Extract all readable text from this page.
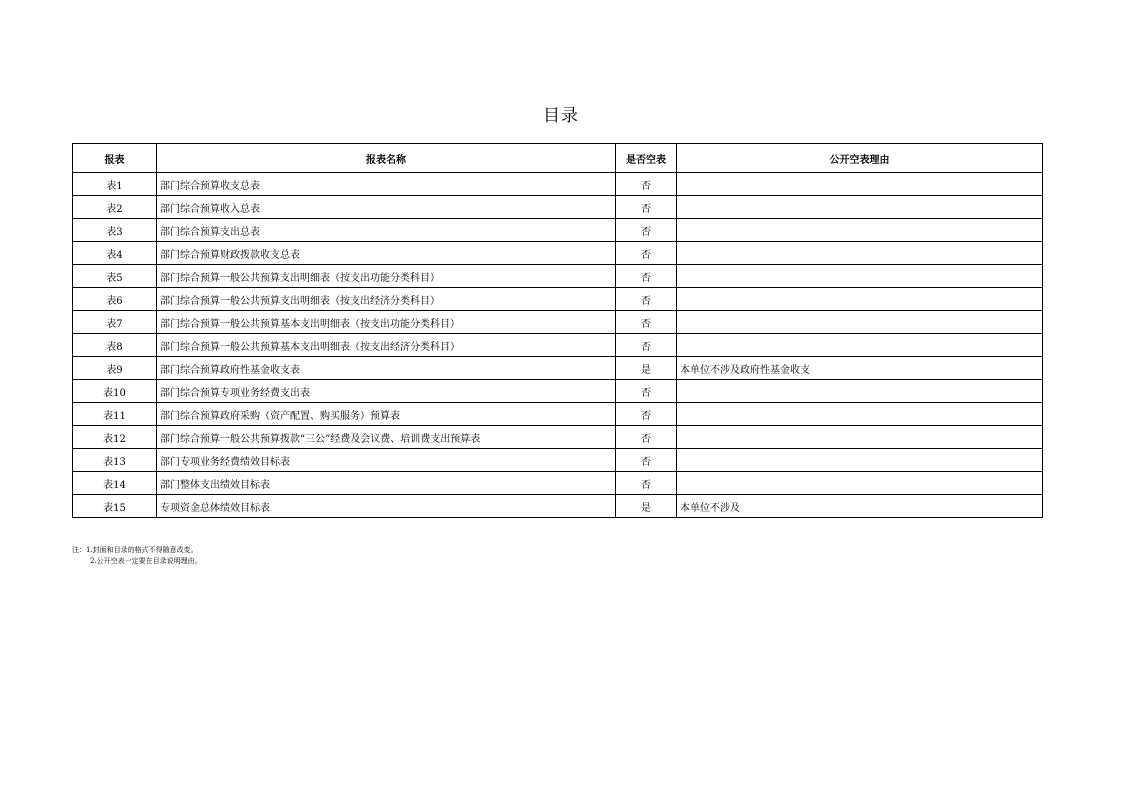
目录
报表	报表名称	是否空表	公开空表理由
表1	部门综合预算收支总表	否	
表2	部门综合预算收入总表	否	
表3	部门综合预算支出总表	否	
表4	部门综合预算财政拨款收支总表	否	
表5	部门综合预算一般公共预算支出明细表（按支出功能分类科目）	否	
表6	部门综合预算一般公共预算支出明细表（按支出经济分类科目）	否	
表7	部门综合预算一般公共预算基本支出明细表（按支出功能分类科目）	否	
表8	部门综合预算一般公共预算基本支出明细表（按支出经济分类科目）	否	
表9	部门综合预算政府性基金收支表	是	本单位不涉及政府性基金收支
表10	部门综合预算专项业务经费支出表	否	
表11	部门综合预算政府采购（资产配置、购买服务）预算表	否	
表12	部门综合预算一般公共预算拨款“三公”经费及会议费、培训费支出预算表	否	
表13	部门专项业务经费绩效目标表	否	
表14	部门整体支出绩效目标表	否	
表15	专项资金总体绩效目标表	是	本单位不涉及
注：1.封面和目录的格式不得随意改变。
2.公开空表一定要在目录说明理由。
